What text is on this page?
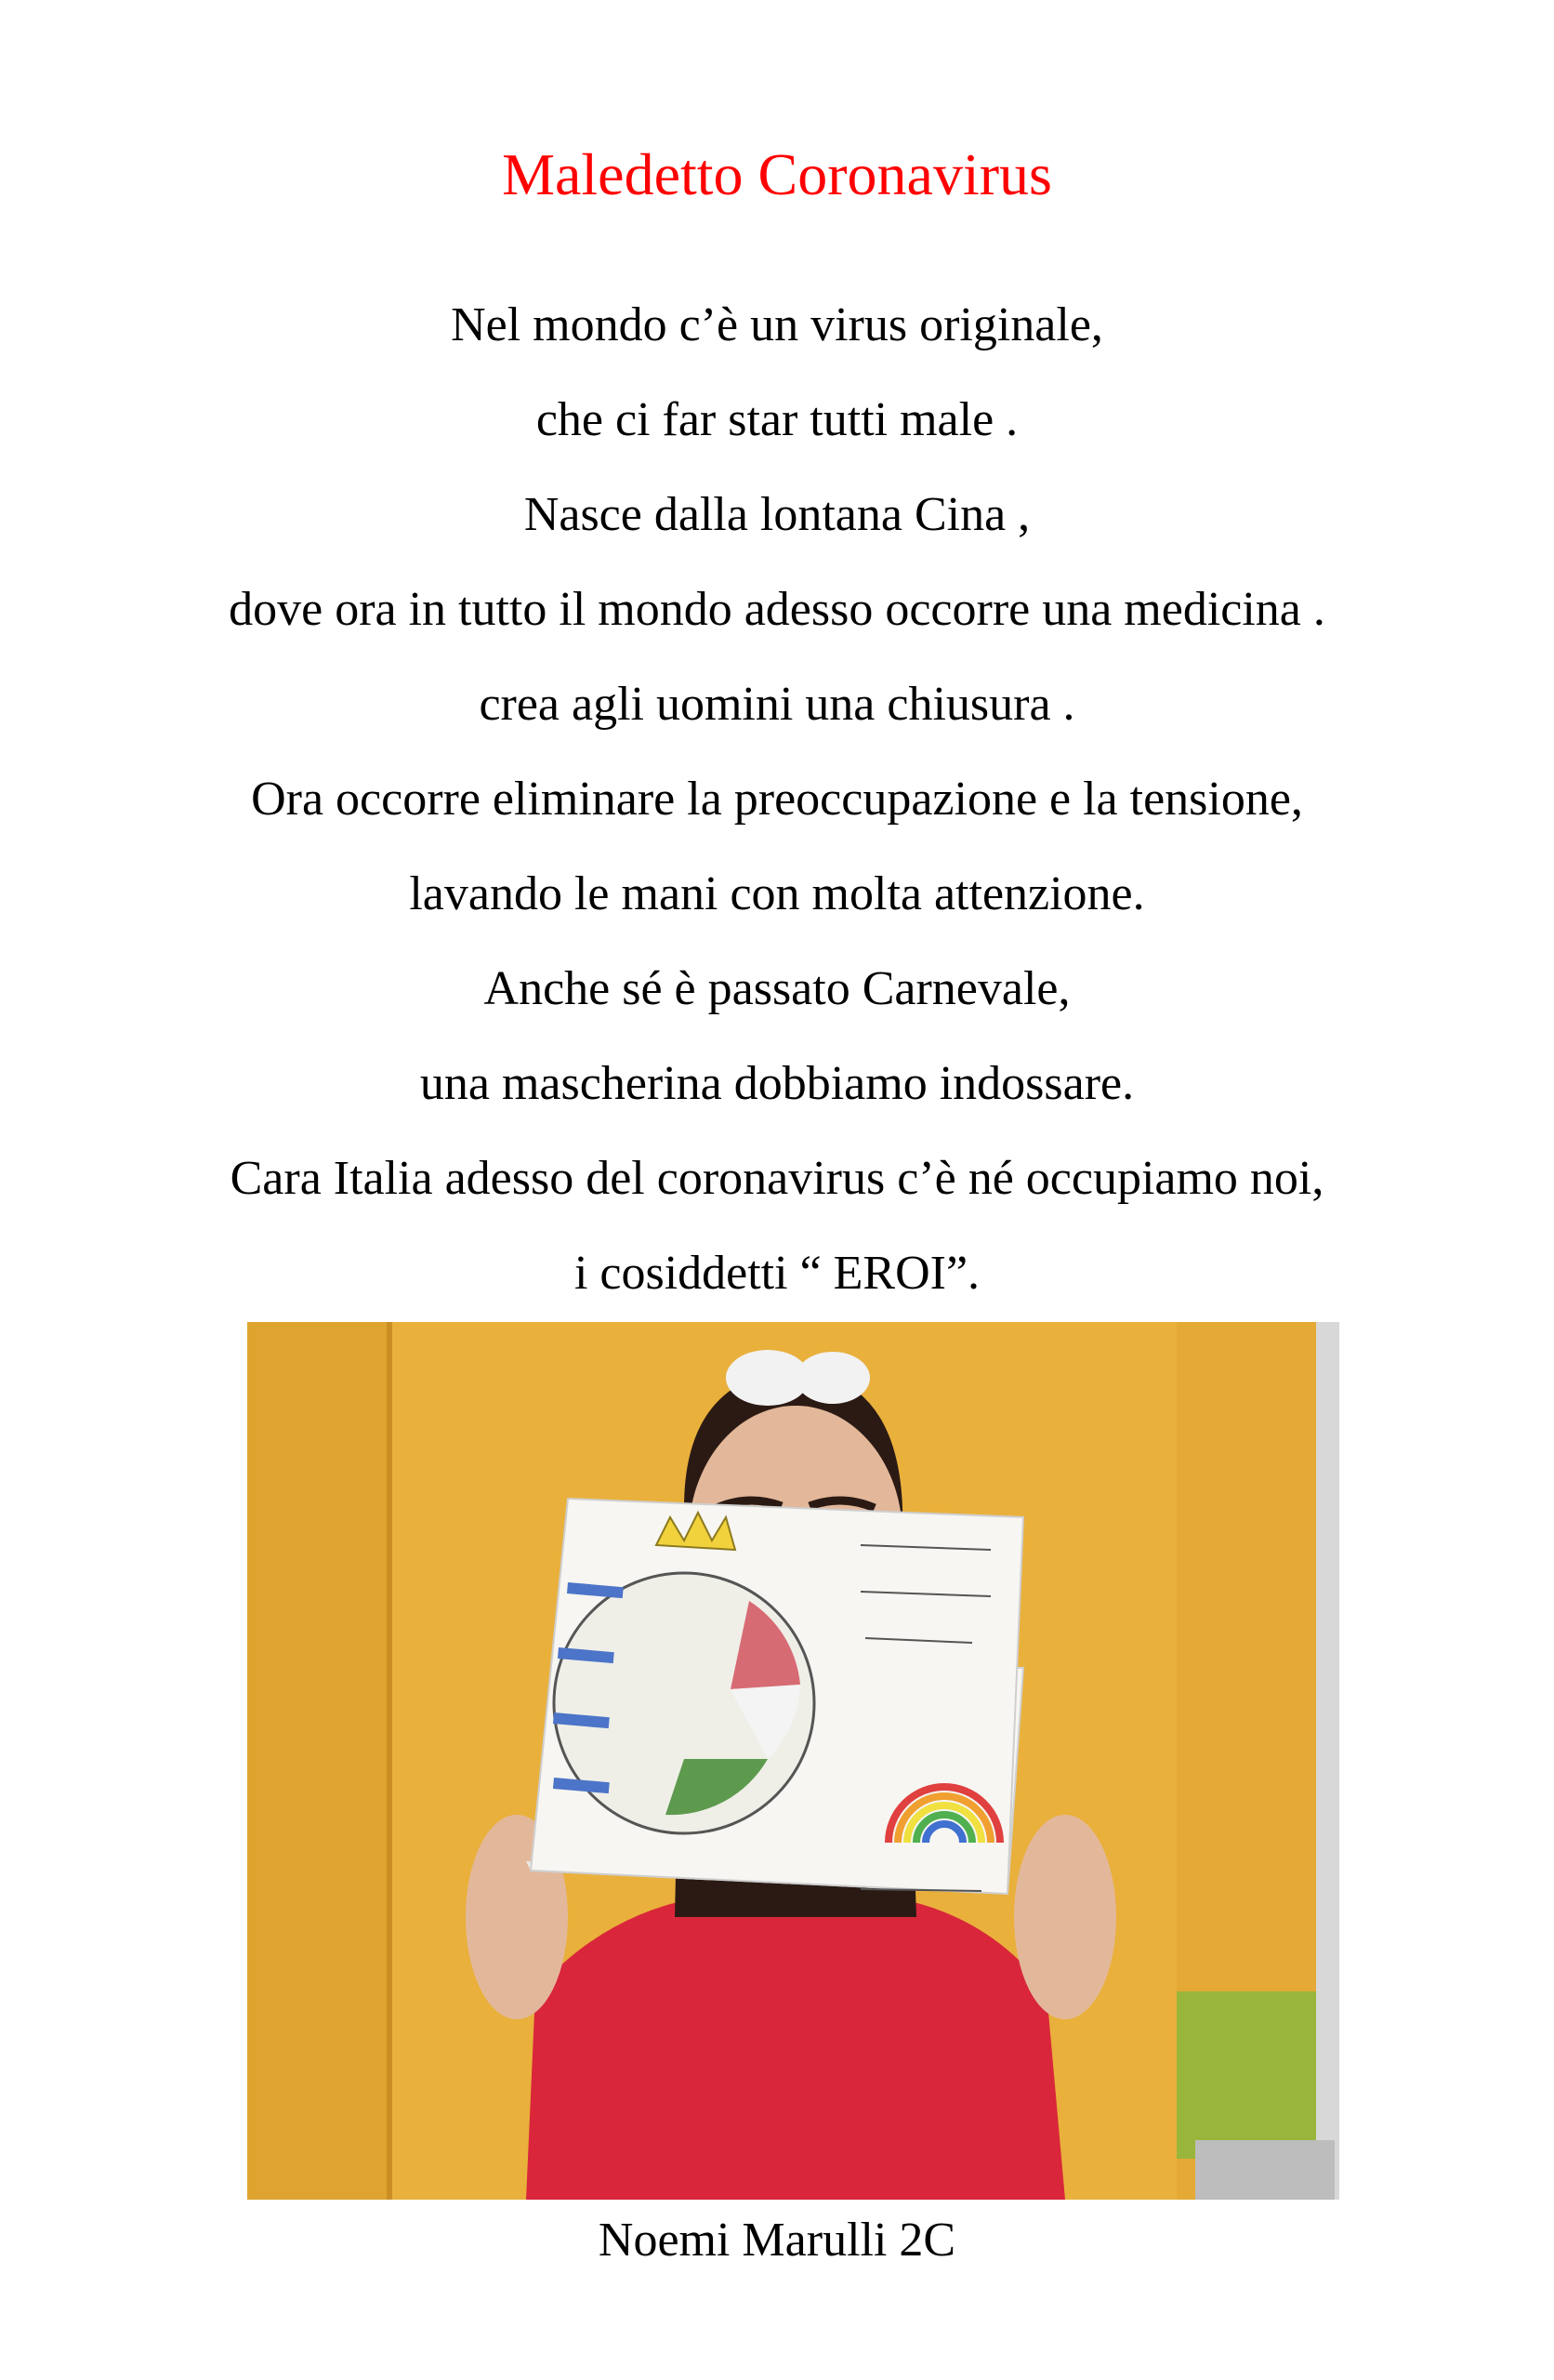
Maledetto Coronavirus
Nel mondo c’è un virus originale,
che ci far star tutti male .
Nasce dalla lontana Cina ,
dove ora in tutto il mondo adesso occorre una medicina .
crea agli uomini una chiusura .
Ora occorre eliminare la preoccupazione e la tensione,
lavando le mani con molta attenzione.
Anche sé è passato Carnevale,
una mascherina dobbiamo indossare.
Cara Italia adesso del coronavirus c’è né occupiamo noi,
i cosiddetti “ EROI”.
Noemi Marulli 2C
